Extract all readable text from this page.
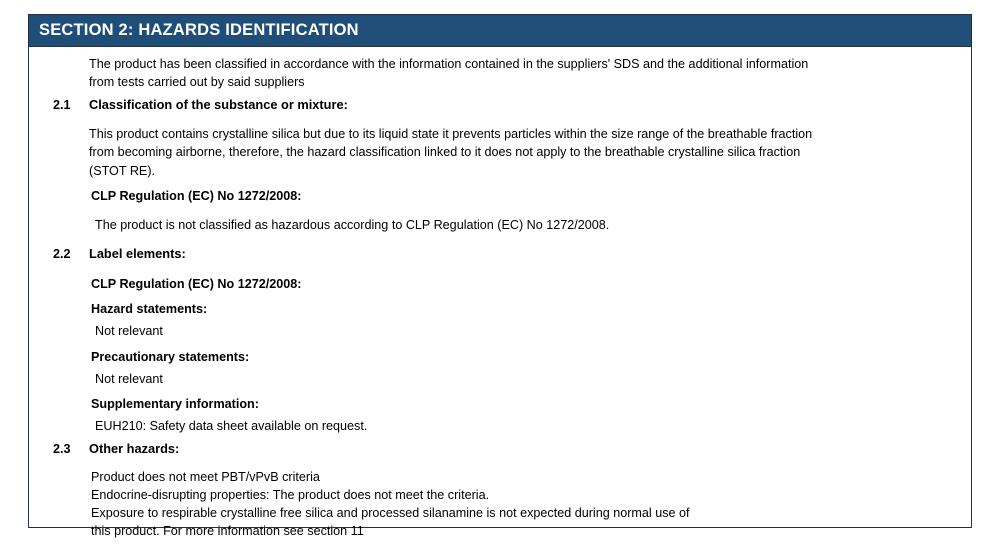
SECTION 2: HAZARDS IDENTIFICATION
The product has been classified in accordance with the information contained in the suppliers' SDS and the additional information
from tests carried out by said suppliers
2.1	Classification of the substance or mixture:
This product contains crystalline silica but due to its liquid state it prevents particles within the size range of the breathable fraction
from becoming airborne, therefore, the hazard classification linked to it does not apply to the breathable crystalline silica fraction
(STOT RE).
CLP Regulation (EC) No 1272/2008:
The product is not classified as hazardous according to CLP Regulation (EC) No 1272/2008.
2.2	Label elements:
CLP Regulation (EC) No 1272/2008:
Hazard statements:
Not relevant
Precautionary statements:
Not relevant
Supplementary information:
EUH210: Safety data sheet available on request.
2.3	Other hazards:
Product does not meet PBT/vPvB criteria
Endocrine-disrupting properties: The product does not meet the criteria.
Exposure to respirable crystalline free silica and processed silanamine is not expected during normal use of
this product. For more information see section 11
